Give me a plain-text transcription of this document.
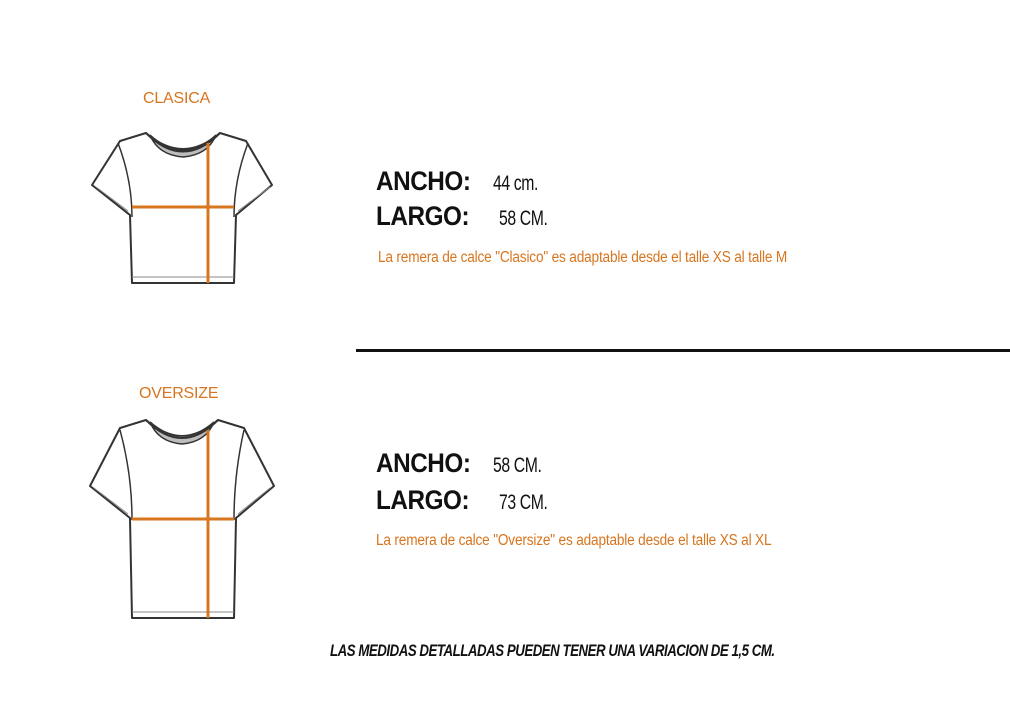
CLASICA
ANCHO: 44 cm.
LARGO: 58 CM.
La remera de calce "Clasico" es adaptable desde el talle XS al talle M
OVERSIZE
ANCHO: 58 CM.
LARGO: 73 CM.
La remera de calce "Oversize" es adaptable desde el talle XS al XL
LAS MEDIDAS DETALLADAS PUEDEN TENER UNA VARIACION DE 1,5 CM.
